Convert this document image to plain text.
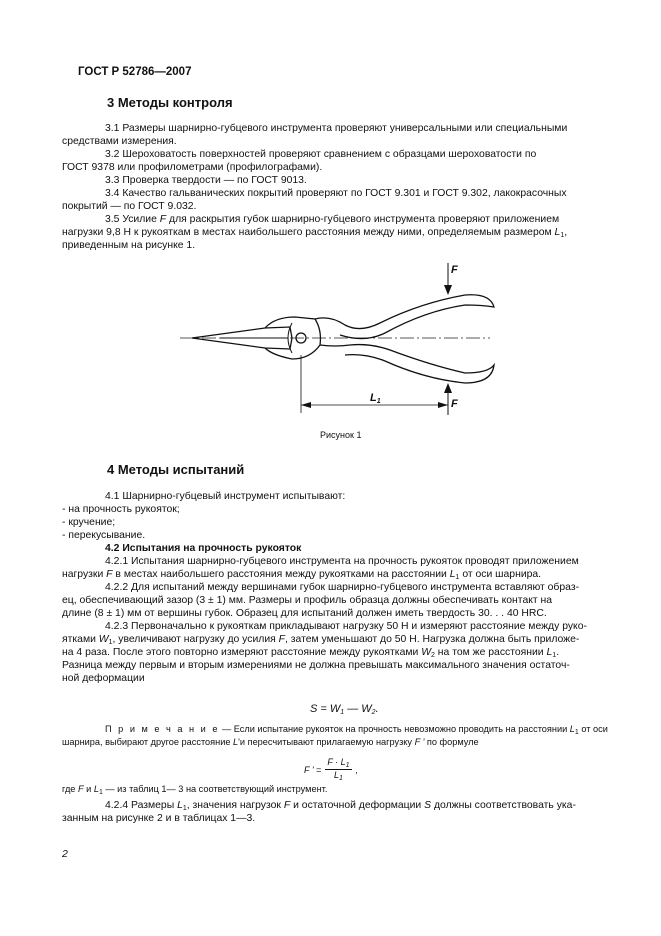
ГОСТ Р 52786—2007
3 Методы контроля
3.1 Размеры шарнирно-губцевого инструмента проверяют универсальными или специальными
средствами измерения.
3.2 Шероховатость поверхностей проверяют сравнением с образцами шероховатости по
ГОСТ 9378 или профилометрами (профилографами).
3.3 Проверка твердости — по ГОСТ 9013.
3.4 Качество гальванических покрытий проверяют по ГОСТ 9.301 и ГОСТ 9.302, лакокрасочных
покрытий — по ГОСТ 9.032.
3.5 Усилие F для раскрытия губок шарнирно-губцевого инструмента проверяют приложением
нагрузки 9,8 Н к рукояткам в местах наибольшего расстояния между ними, определяемым размером $L_1$,
приведенным на рисунке 1.
F
F
$L_1$
Рисунок 1
4 Методы испытаний
4.1 Шарнирно-губцевый инструмент испытывают:
- на прочность рукояток;
- кручение;
- перекусывание.
4.2 Испытания на прочность рукояток
4.2.1 Испытания шарнирно-губцевого инструмента на прочность рукояток проводят приложением
нагрузки F в местах наибольшего расстояния между рукоятками на расстоянии $L_1$ от оси шарнира.
4.2.2 Для испытаний между вершинами губок шарнирно-губцевого инструмента вставляют образ-
ец, обеспечивающий зазор (3 ± 1) мм. Размеры и профиль образца должны обеспечивать контакт на
длине (8 ± 1) мм от вершины губок. Образец для испытаний должен иметь твердость 30. . . 40 HRC.
4.2.3 Первоначально к рукояткам прикладывают нагрузку 50 Н и измеряют расстояние между руко-
ятками $W_1$, увеличивают нагрузку до усилия F, затем уменьшают до 50 Н. Нагрузка должна быть приложе-
на 4 раза. После этого повторно измеряют расстояние между рукоятками $W_2$ на том же расстоянии $L_1$.
Разница между первым и вторым измерениями не должна превышать максимального значения остаточ-
ной деформации
$S = W_1$ — $W_2$.
П р и м е ч а н и е — Если испытание рукояток на прочность невозможно проводить на расстоянии $L_1$ от оси
шарнира, выбирают другое расстояние L'и пересчитывают прилагаемую нагрузку F ' по формуле
F ' = $\frac{F \cdot L_1}{L_1}$ ,
где F и $L_1$ — из таблиц 1— 3 на соответствующий инструмент.
4.2.4 Размеры $L_1$, значения нагрузок F и остаточной деформации S должны соответствовать ука-
занным на рисунке 2 и в таблицах 1—3.
2
